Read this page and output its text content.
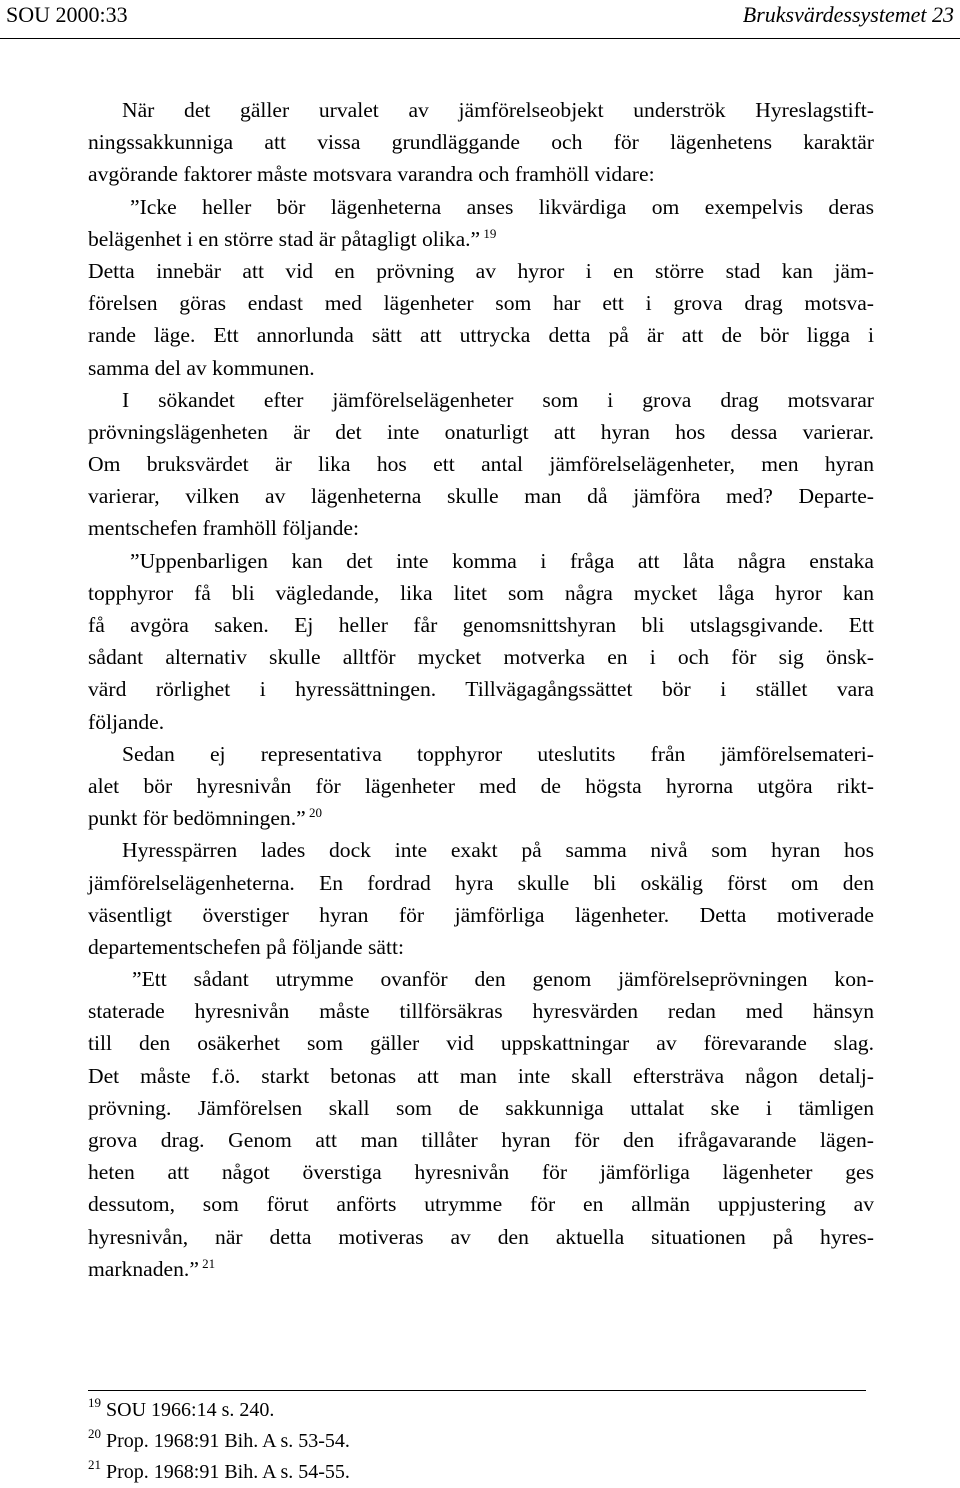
SOU 2000:33	Bruksvärdessystemet 23
När det gäller urvalet av jämförelseobjekt underströk Hyreslagstift-
ningssakkunniga att vissa grundläggande och för lägenhetens karaktär
avgörande faktorer måste motsvara varandra och framhöll vidare:
”Icke heller bör lägenheterna anses likvärdiga om exempelvis deras
belägenhet i en större stad är påtagligt olika.” $^{19}$
Detta innebär att vid en prövning av hyror i en större stad kan jäm-
förelsen göras endast med lägenheter som har ett i grova drag motsva-
rande läge. Ett annorlunda sätt att uttrycka detta på är att de bör ligga i
samma del av kommunen.
I sökandet efter jämförelselägenheter som i grova drag motsvarar
prövningslägenheten är det inte onaturligt att hyran hos dessa varierar.
Om bruksvärdet är lika hos ett antal jämförelselägenheter, men hyran
varierar, vilken av lägenheterna skulle man då jämföra med? Departe-
mentschefen framhöll följande:
”Uppenbarligen kan det inte komma i fråga att låta några enstaka
topphyror få bli vägledande, lika litet som några mycket låga hyror kan
få avgöra saken. Ej heller får genomsnittshyran bli utslagsgivande. Ett
sådant alternativ skulle alltför mycket motverka en i och för sig önsk-
värd rörlighet i hyressättningen. Tillvägagångssättet bör i stället vara
följande.
Sedan ej representativa topphyror uteslutits från jämförelsemateri-
alet bör hyresnivån för lägenheter med de högsta hyrorna utgöra rikt-
punkt för bedömningen.” $^{20}$
Hyresspärren lades dock inte exakt på samma nivå som hyran hos
jämförelselägenheterna. En fordrad hyra skulle bli oskälig först om den
väsentligt överstiger hyran för jämförliga lägenheter. Detta motiverade
departementschefen på följande sätt:
”Ett sådant utrymme ovanför den genom jämförelseprövningen kon-
staterade hyresnivån måste tillförsäkras hyresvärden redan med hänsyn
till den osäkerhet som gäller vid uppskattningar av förevarande slag.
Det måste f.ö. starkt betonas att man inte skall eftersträva någon detalj-
prövning. Jämförelsen skall som de sakkunniga uttalat ske i tämligen
grova drag. Genom att man tillåter hyran för den ifrågavarande lägen-
heten att något överstiga hyresnivån för jämförliga lägenheter ges
dessutom, som förut anförts utrymme för en allmän uppjustering av
hyresnivån, när detta motiveras av den aktuella situationen på hyres-
marknaden.” $^{21}$
$^{19}$ SOU 1966:14 s. 240.
$^{20}$ Prop. 1968:91 Bih. A s. 53-54.
$^{21}$ Prop. 1968:91 Bih. A s. 54-55.
